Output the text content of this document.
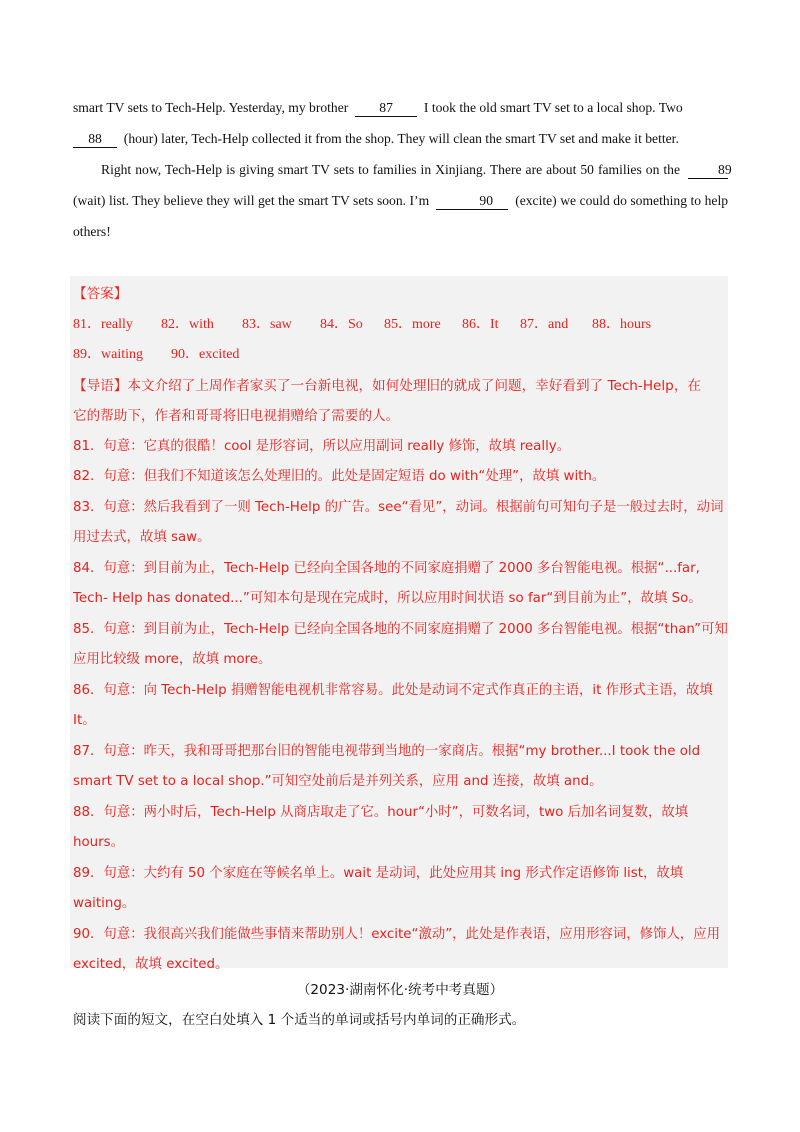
smart TV sets to Tech-Help. Yesterday, my brother 87 I took the old smart TV set to a local shop. Two

88 (hour) later, Tech-Help collected it from the shop. They will clean the smart TV set and make it better.

Right now, Tech-Help is giving smart TV sets to families in Xinjiang. There are about 50 families on the	89 (wait) list. They believe they will get the smart TV sets soon. I’m	90 (excite) we could do something to help others!

【答案】
81．really	82．with	83．saw	84．So	85．more	86．It	87．and	88．hours
89．waiting	90．excited
【导语】本文介绍了上周作者家买了一台新电视，如何处理旧的就成了问题，幸好看到了 Tech-Help，在
它的帮助下，作者和哥哥将旧电视捐赠给了需要的人。
81．句意：它真的很酷！cool 是形容词，所以应用副词 really 修饰，故填 really。
82．句意：但我们不知道该怎么处理旧的。此处是固定短语 do with“处理”，故填 with。
83．句意：然后我看到了一则 Tech-Help 的广告。see“看见”，动词。根据前句可知句子是一般过去时，动词用过去式，故填 saw。
84．句意：到目前为止，Tech-Help 已经向全国各地的不同家庭捐赠了 2000 多台智能电视。根据“...far, Tech- Help has donated...”可知本句是现在完成时，所以应用时间状语 so far“到目前为止”，故填 So。
85．句意：到目前为止，Tech-Help 已经向全国各地的不同家庭捐赠了 2000 多台智能电视。根据“than”可知应用比较级 more，故填 more。
86．句意：向 Tech-Help 捐赠智能电视机非常容易。此处是动词不定式作真正的主语，it 作形式主语，故填 It。
87．句意：昨天，我和哥哥把那台旧的智能电视带到当地的一家商店。根据“my brother...I took the old smart TV set to a local shop.”可知空处前后是并列关系，应用 and 连接，故填 and。
88．句意：两小时后，Tech-Help 从商店取走了它。hour“小时”，可数名词，two 后加名词复数，故填 hours。
89．句意：大约有 50 个家庭在等候名单上。wait 是动词，此处应用其 ing 形式作定语修饰 list，故填 waiting。
90．句意：我很高兴我们能做些事情来帮助别人！excite“激动”，此处是作表语，应用形容词，修饰人，应用 excited，故填 excited。
（2023·湖南怀化·统考中考真题）
阅读下面的短文，在空白处填入 1 个适当的单词或括号内单词的正确形式。
